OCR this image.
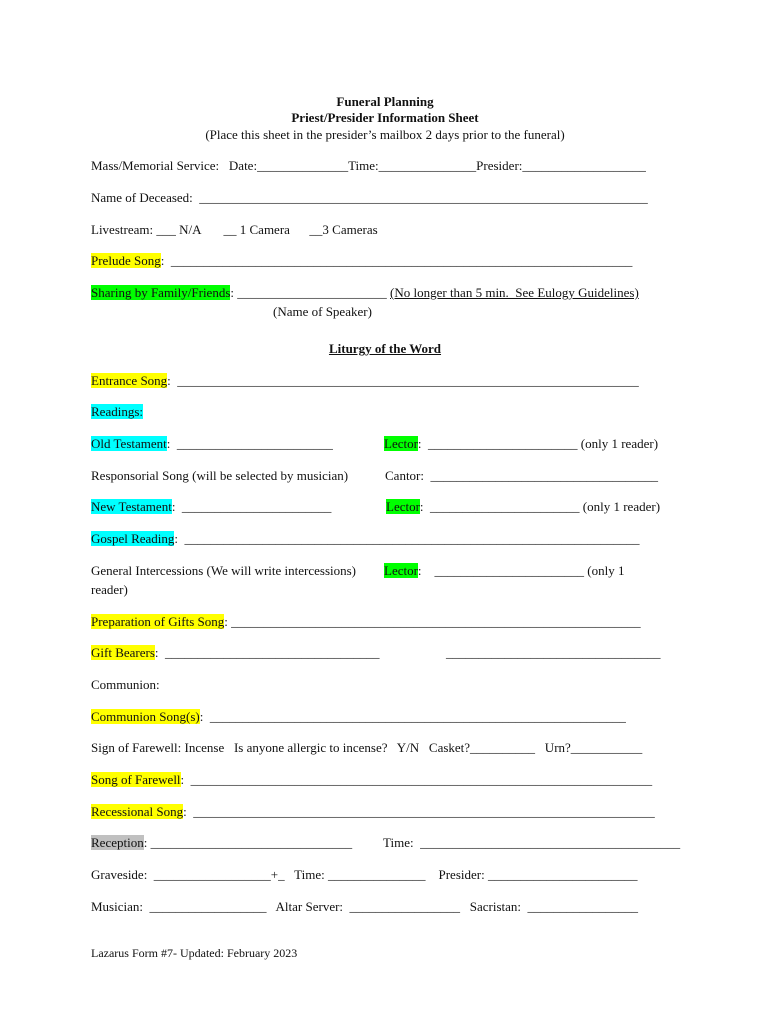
Funeral Planning
Priest/Presider Information Sheet
(Place this sheet in the presider’s mailbox 2 days prior to the funeral)
Mass/Memorial Service:   Date:______________Time:_______________Presider:___________________
Name of Deceased:  _____________________________________________________________________
Livestream: ___ N/A       __ 1 Camera      __3 Cameras
Prelude Song:  _______________________________________________________________________
Sharing by Family/Friends: _______________________ (No longer than 5 min.  See Eulogy Guidelines)
(Name of Speaker)
Liturgy of the Word
Entrance Song:  _______________________________________________________________________
Readings:
Old Testament:  ________________________	Lector:  _______________________ (only 1 reader)
Responsorial Song (will be selected by musician)	Cantor:  ___________________________________
New Testament:  _______________________	Lector:  _______________________ (only 1 reader)
Gospel Reading:  ______________________________________________________________________
General Intercessions (We will write intercessions) Lector:    _______________________ (only 1
reader)
Preparation of Gifts Song: _______________________________________________________________
Gift Bearers:  _________________________________	_________________________________
Communion:
Communion Song(s):  ________________________________________________________________
Sign of Farewell: Incense   Is anyone allergic to incense?   Y/N   Casket?__________   Urn?___________
Song of Farewell:  _______________________________________________________________________
Recessional Song:  _______________________________________________________________________
Reception: _______________________________ Time:  ________________________________________
Graveside:  __________________+_   Time: _______________    Presider: _______________________
Musician:  __________________   Altar Server:  _________________   Sacristan:  _________________
Lazarus Form #7- Updated: February 2023
